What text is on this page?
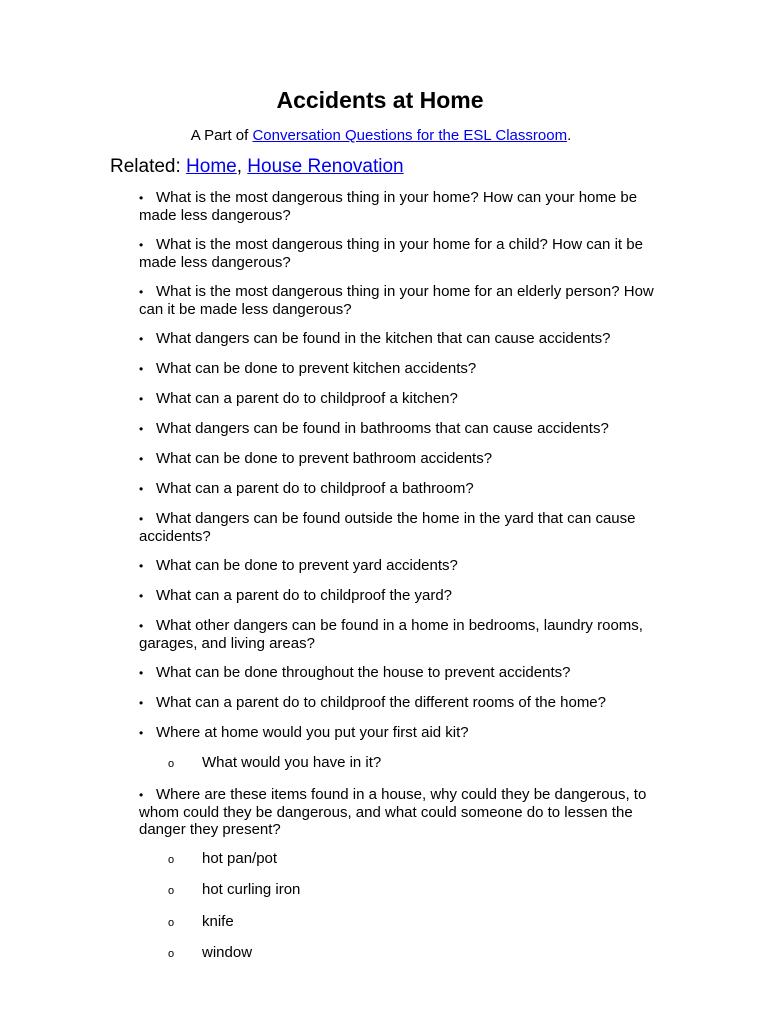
Accidents at Home
A Part of Conversation Questions for the ESL Classroom.
Related: Home, House Renovation
• What is the most dangerous thing in your home? How can your home be made less dangerous?
• What is the most dangerous thing in your home for a child? How can it be made less dangerous?
• What is the most dangerous thing in your home for an elderly person? How can it be made less dangerous?
• What dangers can be found in the kitchen that can cause accidents?
• What can be done to prevent kitchen accidents?
• What can a parent do to childproof a kitchen?
• What dangers can be found in bathrooms that can cause accidents?
• What can be done to prevent bathroom accidents?
• What can a parent do to childproof a bathroom?
• What dangers can be found outside the home in the yard that can cause accidents?
• What can be done to prevent yard accidents?
• What can a parent do to childproof the yard?
• What other dangers can be found in a home in bedrooms, laundry rooms, garages, and living areas?
• What can be done throughout the house to prevent accidents?
• What can a parent do to childproof the different rooms of the home?
• Where at home would you put your first aid kit?
o	What would you have in it?
• Where are these items found in a house, why could they be dangerous, to whom could they be dangerous, and what could someone do to lessen the danger they present?
o	hot pan/pot
o	hot curling iron
o	knife
o	window
